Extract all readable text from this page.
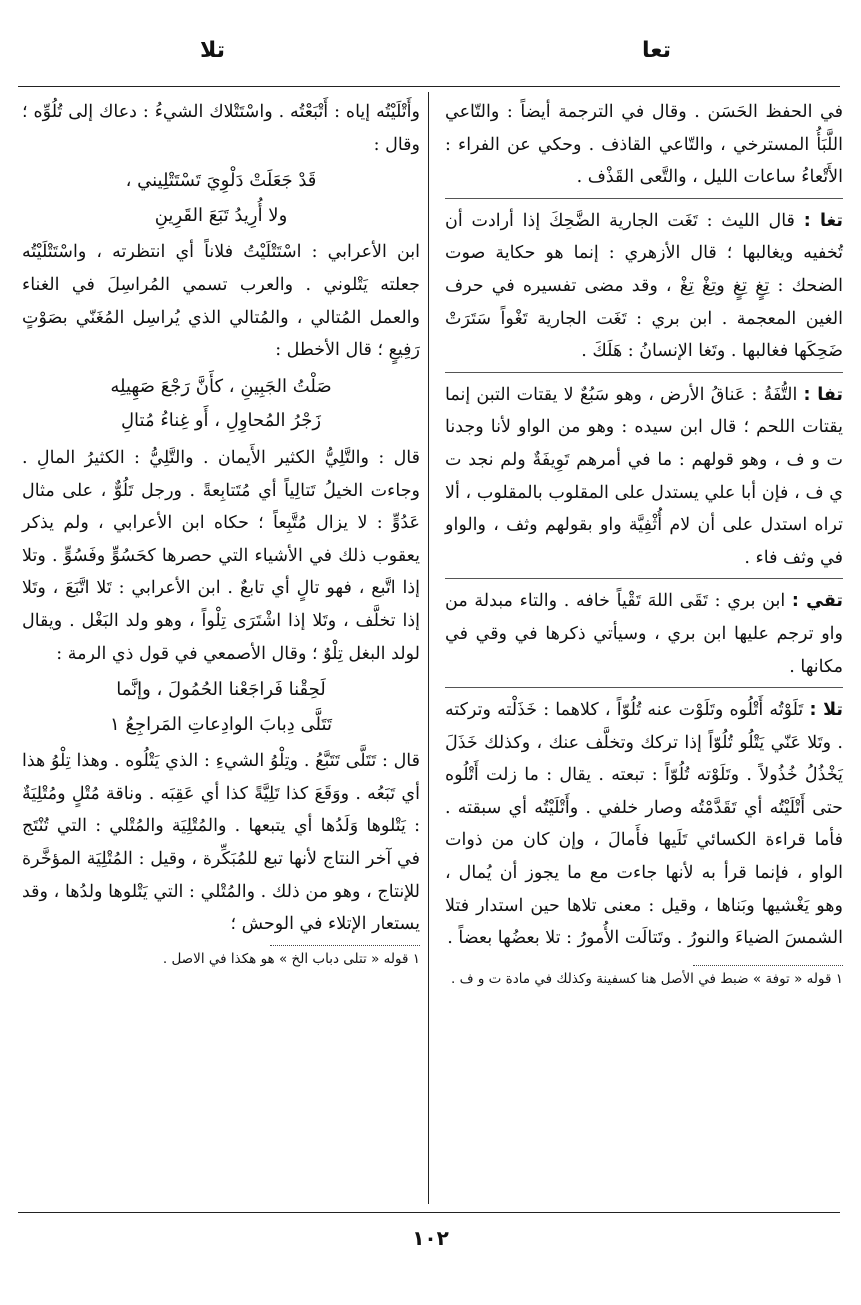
تعا
تلا

في الحفظ الحَسَن . وقال في الترجمة أيضاً : والتّاعي اللَّبَأُ المسترخي ، والتّاعي القاذف . وحكي عن الفراء : الأَتْعاءُ ساعات الليل ، والتَّعى القَذْف .

تغا : قال الليث : تَغَت الجارية الضَّحِكَ إذا أرادت أن تُخفيه ويغالبها ؛ قال الأزهري : إنما هو حكاية صوت الضحك : تِغٍ تِغٍ وتِغْ تِغْ ، وقد مضى تفسيره في حرف الغين المعجمة . ابن بري : تَغَت الجارية تَغْواً سَتَرَتْ ضَحِكَها فغالبها . وتَغا الإنسانُ : هَلَكَ .

تفا : التُّفَةُ : عَناقُ الأرض ، وهو سَبُعٌ لا يقتات التبن إنما يقتات اللحم ؛ قال ابن سيده : وهو من الواو لأنا وجدنا ت و ف ، وهو قولهم : ما في أمرهم تَوِيفَةٌ ولم نجد ت ي ف ، فإن أبا علي يستدل على المقلوب بالمقلوب ، ألا تراه استدل على أن لام أُثْفِيَّة واو بقولهم وثف ، والواو في وثف فاء .

تقي : ابن بري : تَقَى اللهَ تَقْياً خافه . والتاء مبدلة من واو ترجم عليها ابن بري ، وسيأتي ذكرها في وقي في مكانها .

تلا : تَلَوْتُه أَتْلُوه وتَلَوْت عنه تُلُوّاً ، كلاهما : خَذَلْته وتركته . وتَلا عَنّي يَتْلُو تُلُوّاً إذا تركك وتخلَّف عنك ، وكذلك خَذَلَ يَخْذُلُ خُذُولاً . وتَلَوْته تُلُوّاً : تبعته . يقال : ما زلت أَتْلُوه حتى أَتْلَيْتُه أي تَقَدَّمْتُه وصار خلفي . وأَتْلَيْتُه أي سبقته . فأما قراءة الكسائي تَلَيها فأَمالَ ، وإن كان من ذوات الواو ، فإنما قرأ به لأنها جاءت مع ما يجوز أن يُمال ، وهو يَغْشيها وبَناها ، وقيل : معنى تلاها حين استدار فتلا الشمسَ الضياءَ والنورُ . وتَتالَت الأُمورُ : تلا بعضُها بعضاً .

١ قوله « توفة » ضبط في الأصل هنا كسفينة وكذلك في مادة ت و ف .

وأَتْلَيْتُه إياه : أَتْبَعْتُه . واسْتَتْلاك الشيءُ : دعاك إلى تُلُوِّه ؛ وقال :

قَدْ جَعَلَتْ دَلْوِيَ تَسْتَتْلِيني ،
ولا أُرِيدُ تَبَعَ القَرِينِ

ابن الأعرابي : اسْتَتْلَيْتُ فلاناً أي انتظرته ، واسْتَتْلَيْتُه جعلته يَتْلوني . والعرب تسمي المُراسِلَ في الغناء والعمل المُتالي ، والمُتالي الذي يُراسِل المُغَنّي بصَوْتٍ رَفِيعٍ ؛ قال الأخطل :

صَلْتُ الجَبِينِ ، كأَنَّ رَجْعَ صَهِيلِه
زَجْرُ المُحاوِلِ ، أَو غِناءُ مُتالِ

قال : والتَّلِيُّ الكثير الأَيمان . والتَّلِيُّ : الكثيرُ المالِ . وجاءت الخيلُ تَتالِياً أي مُتَتابِعةً . ورجل تَلُوٌّ ، على مثال عَدُوٍّ : لا يزال مُتَّبِعاً ؛ حكاه ابن الأعرابي ، ولم يذكر يعقوب ذلك في الأشياء التي حصرها كحَسُوٍّ وفَسُوٍّ . وتلا إذا اتَّبع ، فهو تالٍ أي تابعٌ . ابن الأعرابي : تَلا اتَّبَعَ ، وتَلا إذا تخلَّف ، وتَلا إذا اشْتَرَى تِلْواً ، وهو ولد البَغْل . ويقال لولد البغل تِلْوٌ ؛ وقال الأصمعي في قول ذي الرمة :

لَحِقْنا فَراجَعْنا الحُمُولَ ، وإنَّما
تَتَلَّى دِبابَ الوادِعاتِ المَراجِعُ ١

قال : تَتَلَّى تَتَبَّعُ . وتِلْوُ الشيءِ : الذي يَتْلُوه . وهذا تِلْوُ هذا أي تَبَعُه . ووَقَعَ كذا تَلِيَّةً كذا أي عَقِبَه . وناقة مُتْلٍ ومُتْلِيَةٌ : يَتْلوها وَلَدُها أي يتبعها . والمُتْلِيَة والمُتْلي : التي تُنْتَج في آخر النتاج لأنها تبع للمُبَكِّرة ، وقيل : المُتْلِيَة المؤخَّرة للإنتاج ، وهو من ذلك . والمُتْلي : التي يَتْلوها ولدُها ، وقد يستعار الإتلاء في الوحش ؛

١ قوله « تتلى دباب الخ » هو هكذا في الاصل .

١٠٢
